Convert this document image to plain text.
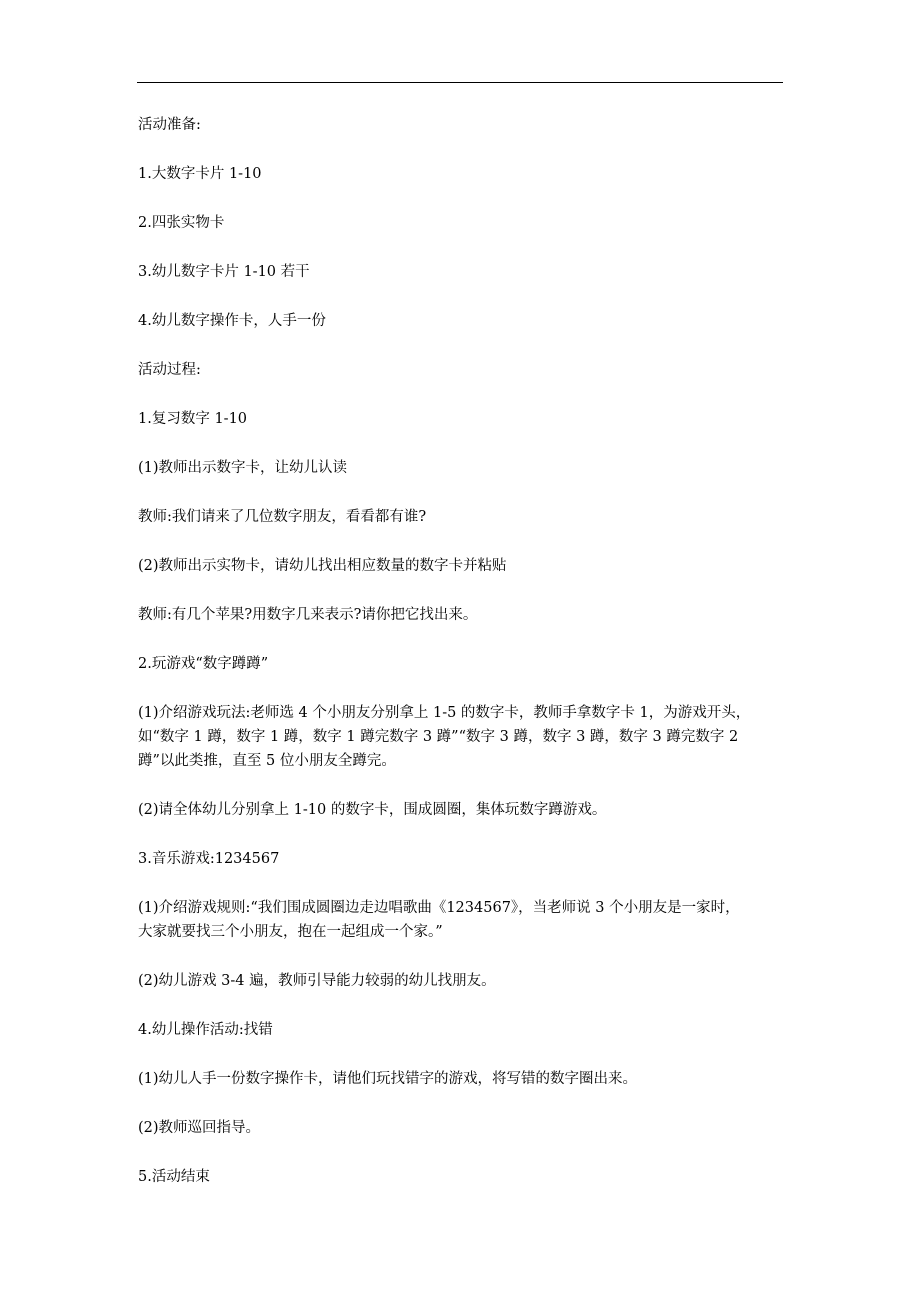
活动准备:

1.大数字卡片 1-10

2.四张实物卡

3.幼儿数字卡片 1-10 若干

4.幼儿数字操作卡，人手一份

活动过程:

1.复习数字 1-10

(1)教师出示数字卡，让幼儿认读

教师:我们请来了几位数字朋友，看看都有谁?

(2)教师出示实物卡，请幼儿找出相应数量的数字卡并粘贴

教师:有几个苹果?用数字几来表示?请你把它找出来。

2.玩游戏“数字蹲蹲”

(1)介绍游戏玩法:老师选 4 个小朋友分别拿上 1-5 的数字卡，教师手拿数字卡 1，为游戏开头，
如“数字 1 蹲，数字 1 蹲，数字 1 蹲完数字 3 蹲”“数字 3 蹲，数字 3 蹲，数字 3 蹲完数字 2
蹲”以此类推，直至 5 位小朋友全蹲完。

(2)请全体幼儿分别拿上 1-10 的数字卡，围成圆圈，集体玩数字蹲游戏。

3.音乐游戏:1234567

(1)介绍游戏规则:“我们围成圆圈边走边唱歌曲《1234567》，当老师说 3 个小朋友是一家时，
大家就要找三个小朋友，抱在一起组成一个家。”

(2)幼儿游戏 3-4 遍，教师引导能力较弱的幼儿找朋友。

4.幼儿操作活动:找错

(1)幼儿人手一份数字操作卡，请他们玩找错字的游戏，将写错的数字圈出来。

(2)教师巡回指导。

5.活动结束
